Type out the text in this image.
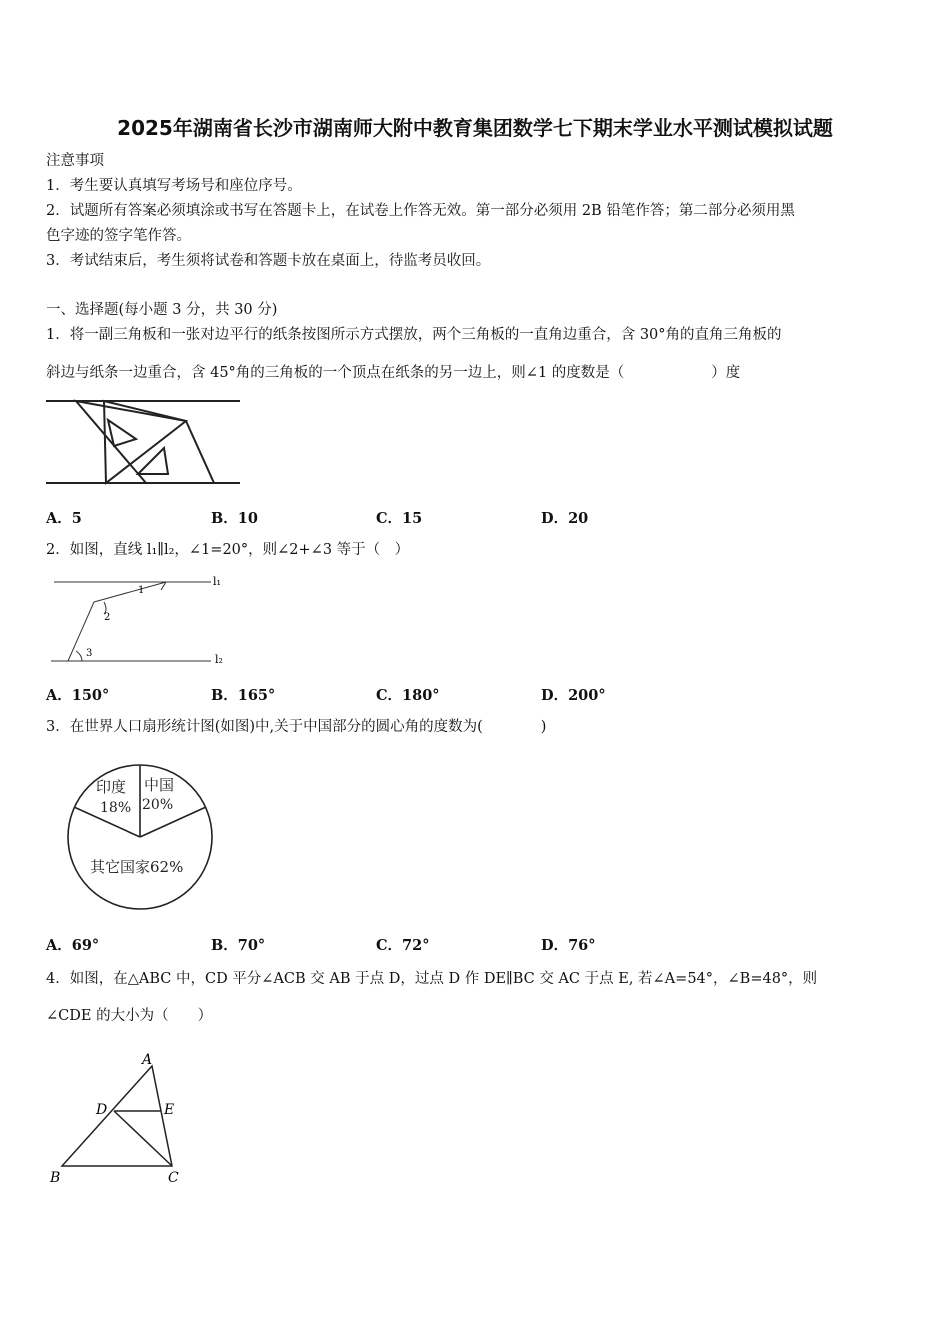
2025年湖南省长沙市湖南师大附中教育集团数学七下期末学业水平测试模拟试题
注意事项
1．考生要认真填写考场号和座位序号。
2．试题所有答案必须填涂或书写在答题卡上，在试卷上作答无效。第一部分必须用 2B 铅笔作答；第二部分必须用黑
色字迹的签字笔作答。
3．考试结束后，考生须将试卷和答题卡放在桌面上，待监考员收回。
一、选择题(每小题 3 分，共 30 分)
1．将一副三角板和一张对边平行的纸条按图所示方式摆放，两个三角板的一直角边重合，含 30°角的直角三角板的
斜边与纸条一边重合，含 45°角的三角板的一个顶点在纸条的另一边上，则∠1 的度数是（　　　　　　）度
A．5	B．10	C．15	D．20
2．如图，直线 l₁∥l₂，∠1=20°，则∠2+∠3 等于（　）
l₁
l₂
1
2
3
A．150°	B．165°	C．180°	D．200°
3．在世界人口扇形统计图(如图)中,关于中国部分的圆心角的度数为(　　　　)
印度
18%
中国
20%
其它国家62%
A．69°	B．70°	C．72°	D．76°
4．如图，在△ABC 中，CD 平分∠ACB 交 AB 于点 D，过点 D 作 DE∥BC 交 AC 于点 E, 若∠A=54°，∠B=48°，则
∠CDE 的大小为（　　）
A
D	E
B	C
